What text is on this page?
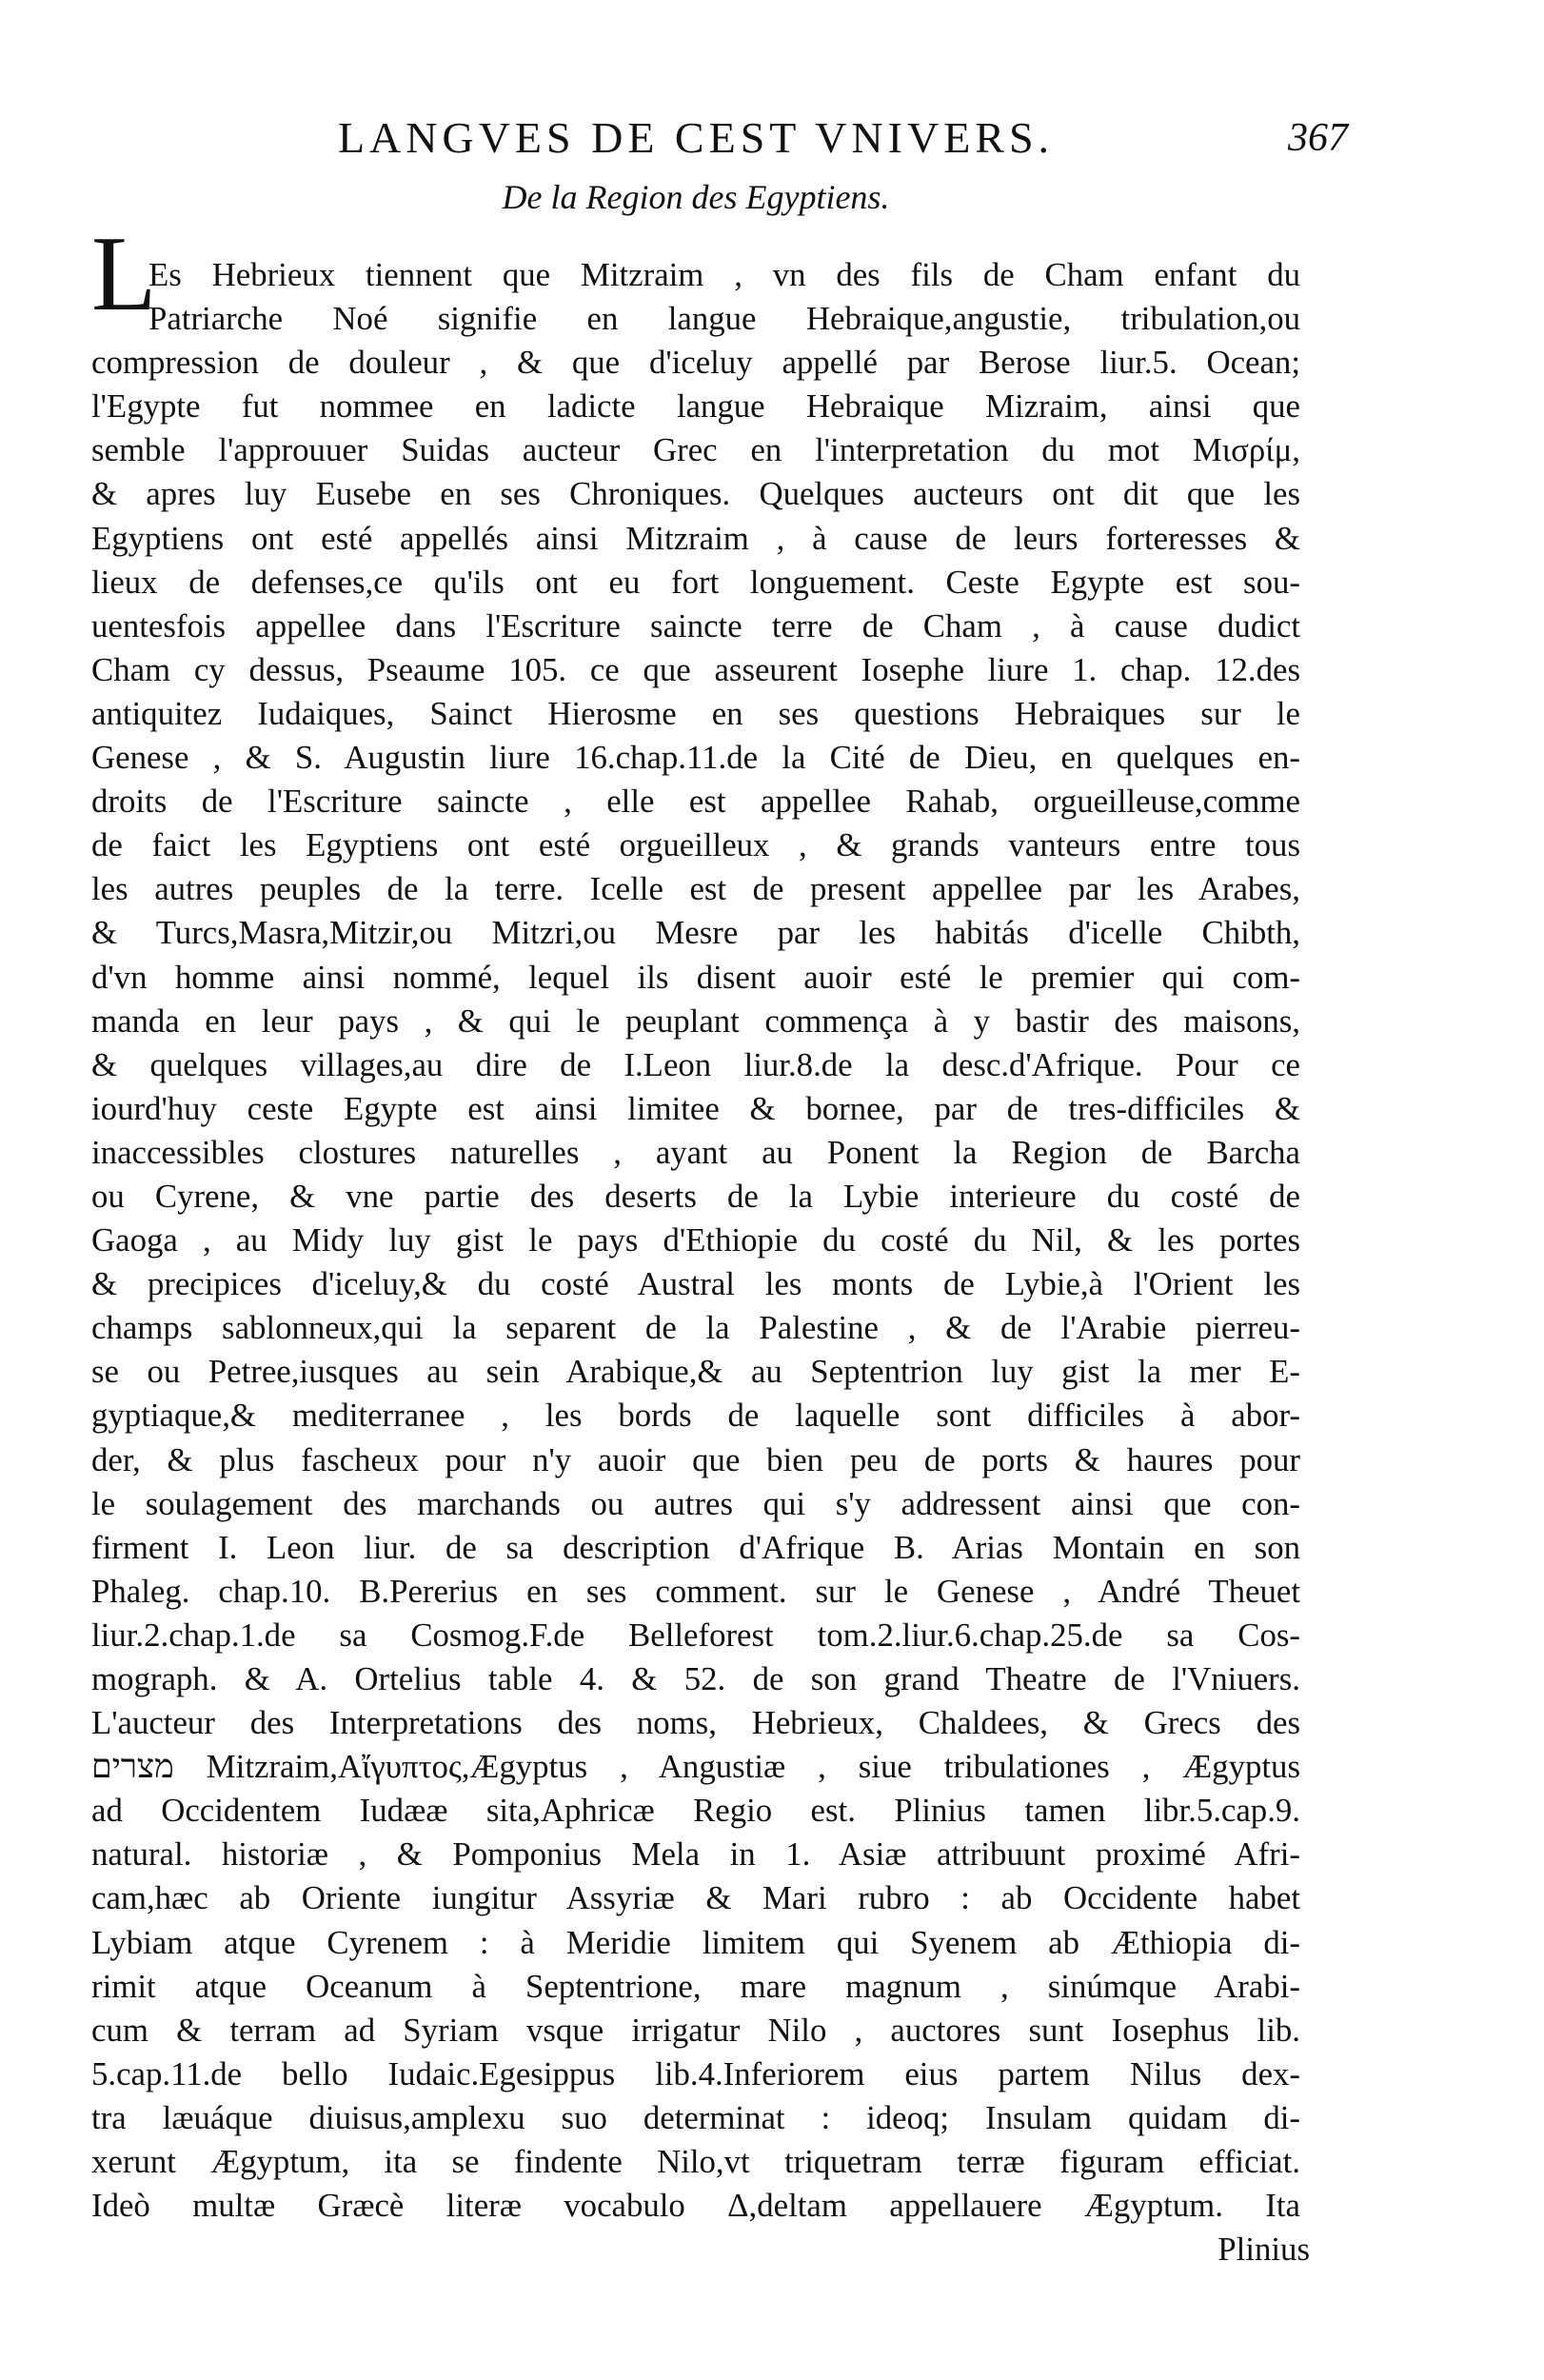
LANGVES DE CEST VNIVERS.	367
De la Region des Egyptiens.
L
Es Hebrieux tiennent que Mitzraim , vn des fils de Cham enfant du
Patriarche Noé signifie en langue Hebraique,angustie, tribulation,ou
compression de douleur , & que d'iceluy appellé par Berose liur.5. Ocean;
l'Egypte fut nommee en ladicte langue Hebraique Mizraim, ainsi que
semble l'approuuer Suidas aucteur Grec en l'interpretation du mot Μισρίμ,
& apres luy Eusebe en ses Chroniques. Quelques aucteurs ont dit que les
Egyptiens ont esté appellés ainsi Mitzraim , à cause de leurs forteresses &
lieux de defenses,ce qu'ils ont eu fort longuement. Ceste Egypte est sou-
uentesfois appellee dans l'Escriture saincte terre de Cham , à cause dudict
Cham cy dessus, Pseaume 105. ce que asseurent Iosephe liure 1. chap. 12.des
antiquitez Iudaiques, Sainct Hierosme en ses questions Hebraiques sur le
Genese , & S. Augustin liure 16.chap.11.de la Cité de Dieu, en quelques en-
droits de l'Escriture saincte , elle est appellee Rahab, orgueilleuse,comme
de faict les Egyptiens ont esté orgueilleux , & grands vanteurs entre tous
les autres peuples de la terre. Icelle est de present appellee par les Arabes,
& Turcs,Masra,Mitzir,ou Mitzri,ou Mesre par les habitás d'icelle Chibth,
d'vn homme ainsi nommé, lequel ils disent auoir esté le premier qui com-
manda en leur pays , & qui le peuplant commença à y bastir des maisons,
& quelques villages,au dire de I.Leon liur.8.de la desc.d'Afrique. Pour ce
iourd'huy ceste Egypte est ainsi limitee & bornee, par de tres-difficiles &
inaccessibles clostures naturelles , ayant au Ponent la Region de Barcha
ou Cyrene, & vne partie des deserts de la Lybie interieure du costé de
Gaoga , au Midy luy gist le pays d'Ethiopie du costé du Nil, & les portes
& precipices d'iceluy,& du costé Austral les monts de Lybie,à l'Orient les
champs sablonneux,qui la separent de la Palestine , & de l'Arabie pierreu-
se ou Petree,iusques au sein Arabique,& au Septentrion luy gist la mer E-
gyptiaque,& mediterranee , les bords de laquelle sont difficiles à abor-
der, & plus fascheux pour n'y auoir que bien peu de ports & haures pour
le soulagement des marchands ou autres qui s'y addressent ainsi que con-
firment I. Leon liur. de sa description d'Afrique B. Arias Montain en son
Phaleg. chap.10. B.Pererius en ses comment. sur le Genese , André Theuet
liur.2.chap.1.de sa Cosmog.F.de Belleforest tom.2.liur.6.chap.25.de sa Cos-
mograph. & A. Ortelius table 4. & 52. de son grand Theatre de l'Vniuers.
L'aucteur des Interpretations des noms, Hebrieux, Chaldees, & Grecs des
מצרים Mitzraim,Αἴγυπτος,Ægyptus , Angustiæ , siue tribulationes , Ægyptus
ad Occidentem Iudææ sita,Aphricæ Regio est. Plinius tamen libr.5.cap.9.
natural. historiæ , & Pomponius Mela in 1. Asiæ attribuunt proximé Afri-
cam,hæc ab Oriente iungitur Assyriæ & Mari rubro : ab Occidente habet
Lybiam atque Cyrenem : à Meridie limitem qui Syenem ab Æthiopia di-
rimit atque Oceanum à Septentrione, mare magnum , sinúmque Arabi-
cum & terram ad Syriam vsque irrigatur Nilo , auctores sunt Iosephus lib.
5.cap.11.de bello Iudaic.Egesippus lib.4.Inferiorem eius partem Nilus dex-
tra læuáque diuisus,amplexu suo determinat : ideoq; Insulam quidam di-
xerunt Ægyptum, ita se findente Nilo,vt triquetram terræ figuram efficiat.
Ideò multæ Græcè literæ vocabulo Δ,deltam appellauere Ægyptum. Ita
Plinius
